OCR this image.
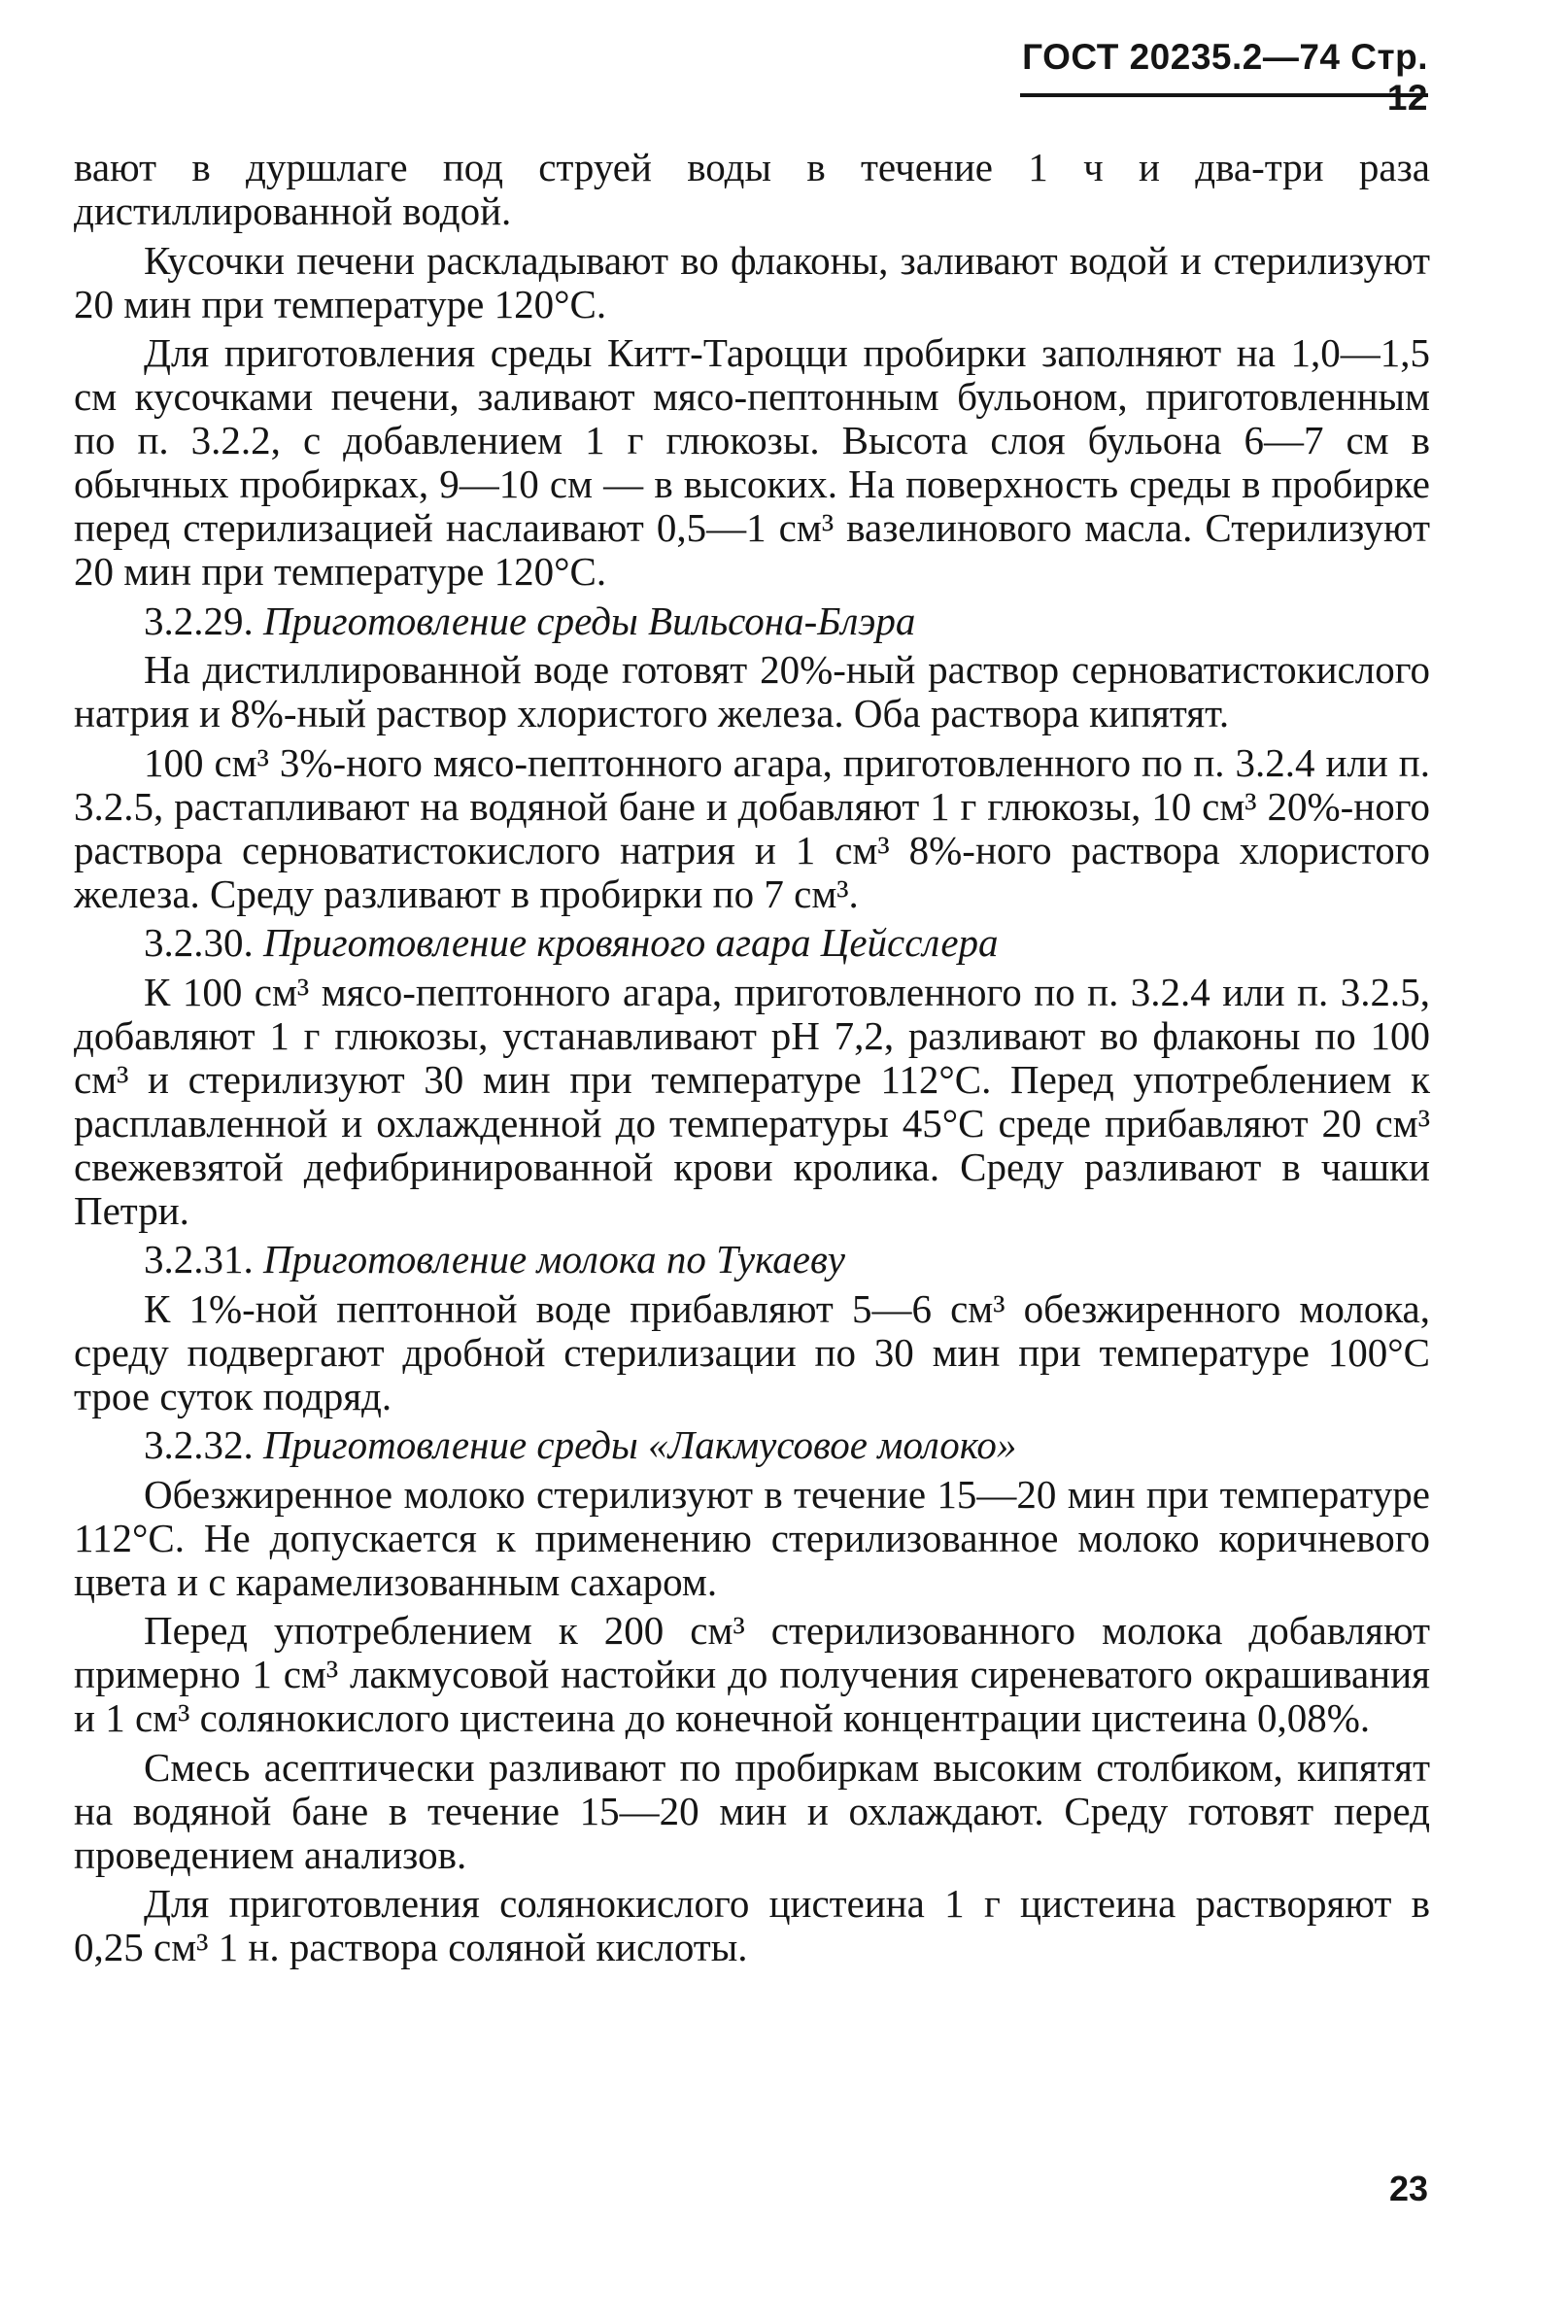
ГОСТ 20235.2—74 Стр. 12

вают в дуршлаге под струей воды в течение 1 ч и два-три раза дистиллированной водой.

Кусочки печени раскладывают во флаконы, заливают водой и стерилизуют 20 мин при температуре 120°С.

Для приготовления среды Китт-Тароцци пробирки заполняют на 1,0—1,5 см кусочками печени, заливают мясо-пептонным бульоном, приготовленным по п. 3.2.2, с добавлением 1 г глюкозы. Высота слоя бульона 6—7 см в обычных пробирках, 9—10 см — в высоких. На поверхность среды в пробирке перед стерилизацией наслаивают 0,5—1 см³ вазелинового масла. Стерилизуют 20 мин при температуре 120°С.

3.2.29. Приготовление среды Вильсона-Блэра

На дистиллированной воде готовят 20%-ный раствор серноватистокислого натрия и 8%-ный раствор хлористого железа. Оба раствора кипятят.

100 см³ 3%-ного мясо-пептонного агара, приготовленного по п. 3.2.4 или п. 3.2.5, растапливают на водяной бане и добавляют 1 г глюкозы, 10 см³ 20%-ного раствора серноватистокислого натрия и 1 см³ 8%-ного раствора хлористого железа. Среду разливают в пробирки по 7 см³.

3.2.30. Приготовление кровяного агара Цейсслера

К 100 см³ мясо-пептонного агара, приготовленного по п. 3.2.4 или п. 3.2.5, добавляют 1 г глюкозы, устанавливают рН 7,2, разливают во флаконы по 100 см³ и стерилизуют 30 мин при температуре 112°С. Перед употреблением к расплавленной и охлажденной до температуры 45°С среде прибавляют 20 см³ свежевзятой дефибринированной крови кролика. Среду разливают в чашки Петри.

3.2.31. Приготовление молока по Тукаеву

К 1%-ной пептонной воде прибавляют 5—6 см³ обезжиренного молока, среду подвергают дробной стерилизации по 30 мин при температуре 100°С трое суток подряд.

3.2.32. Приготовление среды «Лакмусовое молоко»

Обезжиренное молоко стерилизуют в течение 15—20 мин при температуре 112°С. Не допускается к применению стерилизованное молоко коричневого цвета и с карамелизованным сахаром.

Перед употреблением к 200 см³ стерилизованного молока добавляют примерно 1 см³ лакмусовой настойки до получения сиреневатого окрашивания и 1 см³ солянокислого цистеина до конечной концентрации цистеина 0,08%.

Смесь асептически разливают по пробиркам высоким столбиком, кипятят на водяной бане в течение 15—20 мин и охлаждают. Среду готовят перед проведением анализов.

Для приготовления солянокислого цистеина 1 г цистеина растворяют в 0,25 см³ 1 н. раствора соляной кислоты.

23
